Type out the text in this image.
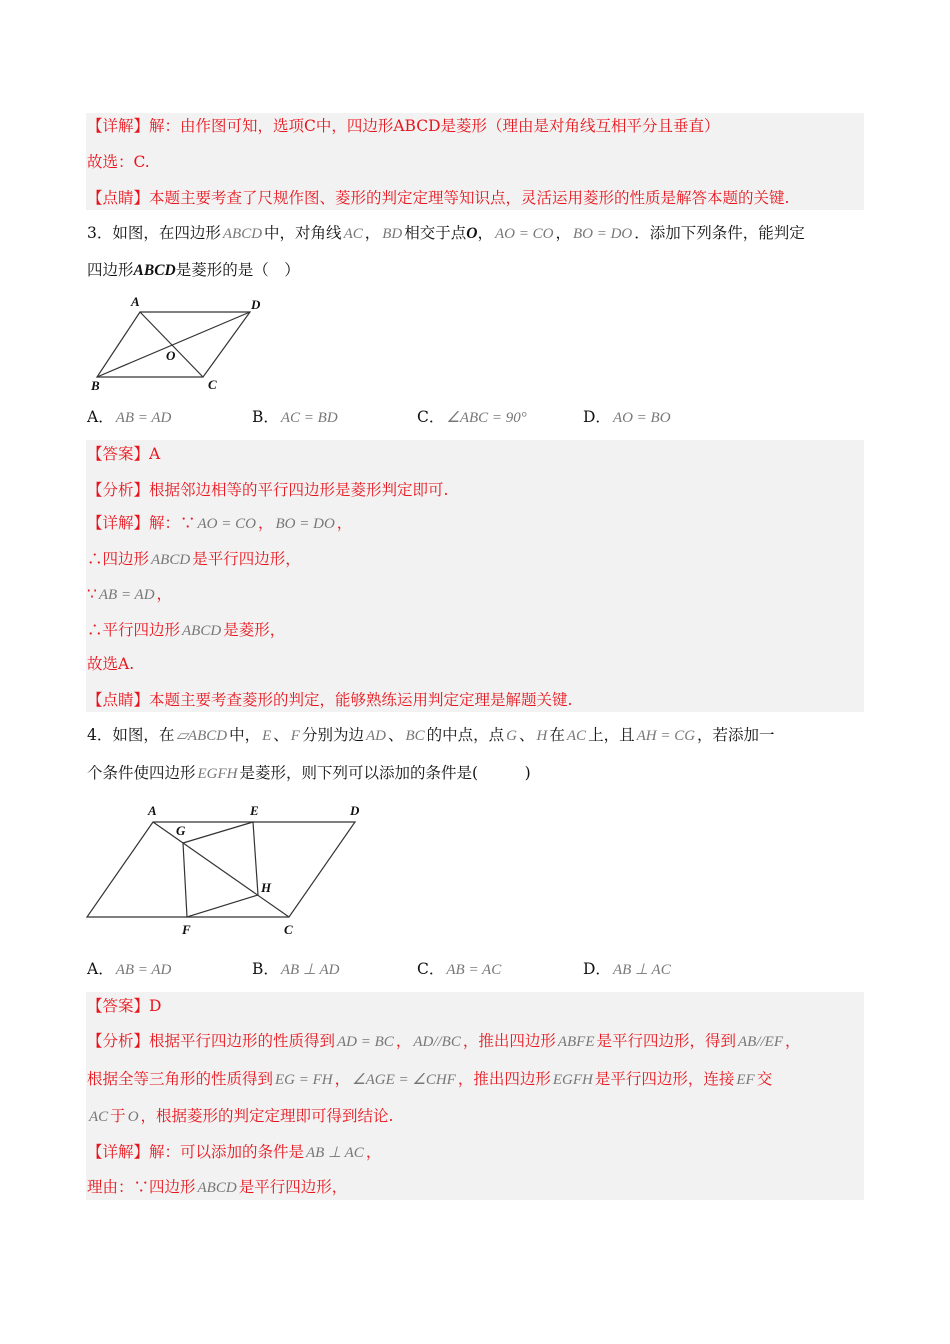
【详解】解：由作图可知，选项C中，四边形ABCD是菱形（理由是对角线互相平分且垂直）
故选：C.
【点睛】本题主要考查了尺规作图、菱形的判定定理等知识点，灵活运用菱形的性质是解答本题的关键.
3．如图，在四边形 ABCD 中，对角线 AC ， BD 相交于点O， AO = CO ， BO = DO ．添加下列条件，能判定
四边形ABCD是菱形的是（　）
【答案】A
【分析】根据邻边相等的平行四边形是菱形判定即可.
【详解】解：∵ AO = CO ， BO = DO ，
∴四边形 ABCD 是平行四边形，
∵ AB = AD ，
∴平行四边形 ABCD 是菱形，
故选A.
【点睛】本题主要考查菱形的判定，能够熟练运用判定定理是解题关键.
4．如图，在 ▱ABCD 中， E 、 F 分别为边 AD 、 BC 的中点，点 G 、 H 在 AC 上，且 AH = CG ，若添加一
个条件使四边形 EGFH 是菱形，则下列可以添加的条件是(　　　)
【答案】D
【分析】根据平行四边形的性质得到 AD = BC ， AD//BC ，推出四边形 ABFE 是平行四边形，得到 AB//EF ，
根据全等三角形的性质得到 EG = FH ， ∠AGE = ∠CHF ，推出四边形 EGFH 是平行四边形，连接 EF 交
AC 于 O ，根据菱形的判定定理即可得到结论.
【详解】解：可以添加的条件是 AB ⊥ AC ，
理由：∵四边形 ABCD 是平行四边形，
A	D
O
B	C
A	E	D
G
H
F	C
A． AB = AD	B． AC = BD	C． ∠ABC = 90°	D． AO = BO
A． AB = AD	B． AB ⊥ AD	C． AB = AC	D． AB ⊥ AC
